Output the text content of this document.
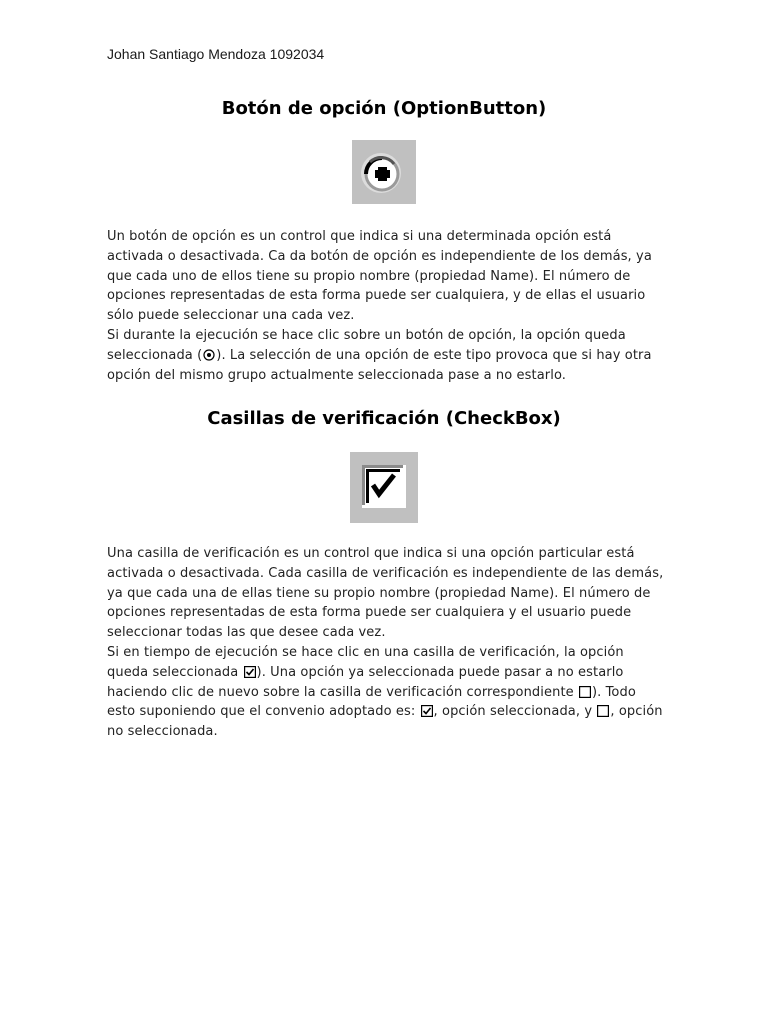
Johan Santiago Mendoza 1092034
Botón de opción (OptionButton)
Un botón de opción es un control que indica si una determinada opción está
activada o desactivada. Ca da botón de opción es independiente de los demás, ya
que cada uno de ellos tiene su propio nombre (propiedad Name). El número de
opciones representadas de esta forma puede ser cualquiera, y de ellas el usuario
sólo puede seleccionar una cada vez.
Si durante la ejecución se hace clic sobre un botón de opción, la opción queda
seleccionada ( ). La selección de una opción de este tipo provoca que si hay otra
opción del mismo grupo actualmente seleccionada pase a no estarlo.
Casillas de verificación (CheckBox)
Una casilla de verificación es un control que indica si una opción particular está
activada o desactivada. Cada casilla de verificación es independiente de las demás,
ya que cada una de ellas tiene su propio nombre (propiedad Name). El número de
opciones representadas de esta forma puede ser cualquiera y el usuario puede
seleccionar todas las que desee cada vez.
Si en tiempo de ejecución se hace clic en una casilla de verificación, la opción
queda seleccionada ). Una opción ya seleccionada puede pasar a no estarlo
haciendo clic de nuevo sobre la casilla de verificación correspondiente ). Todo
esto suponiendo que el convenio adoptado es: , opción seleccionada, y , opción
no seleccionada.
